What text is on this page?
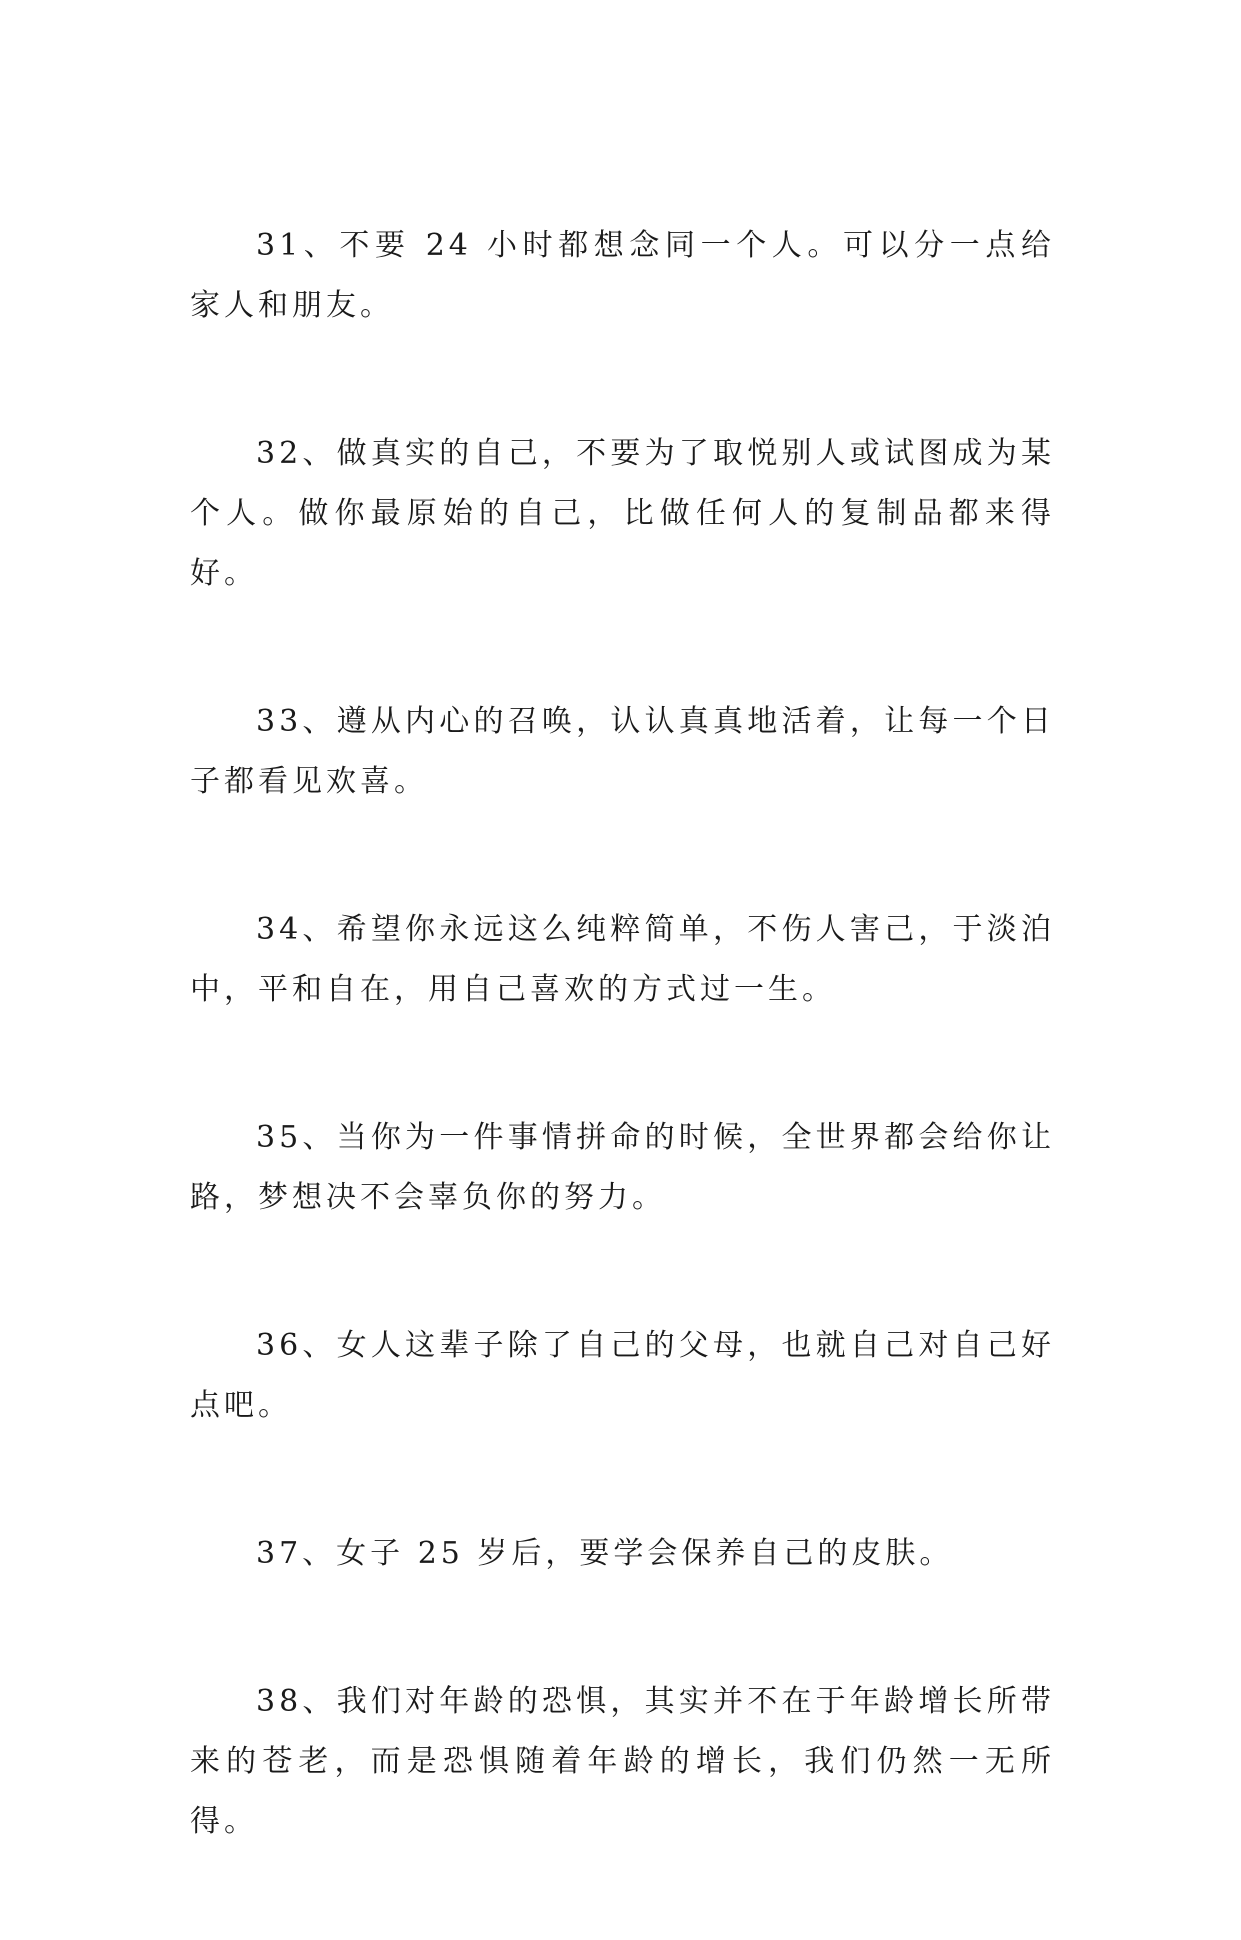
31、不要 24 小时都想念同一个人。可以分一点给家人和朋友。

32、做真实的自己，不要为了取悦别人或试图成为某个人。做你最原始的自己，比做任何人的复制品都来得好。

33、遵从内心的召唤，认认真真地活着，让每一个日子都看见欢喜。

34、希望你永远这么纯粹简单，不伤人害己，于淡泊中，平和自在，用自己喜欢的方式过一生。

35、当你为一件事情拼命的时候，全世界都会给你让路，梦想决不会辜负你的努力。

36、女人这辈子除了自己的父母，也就自己对自己好点吧。

37、女子 25 岁后，要学会保养自己的皮肤。

38、我们对年龄的恐惧，其实并不在于年龄增长所带来的苍老，而是恐惧随着年龄的增长，我们仍然一无所得。
